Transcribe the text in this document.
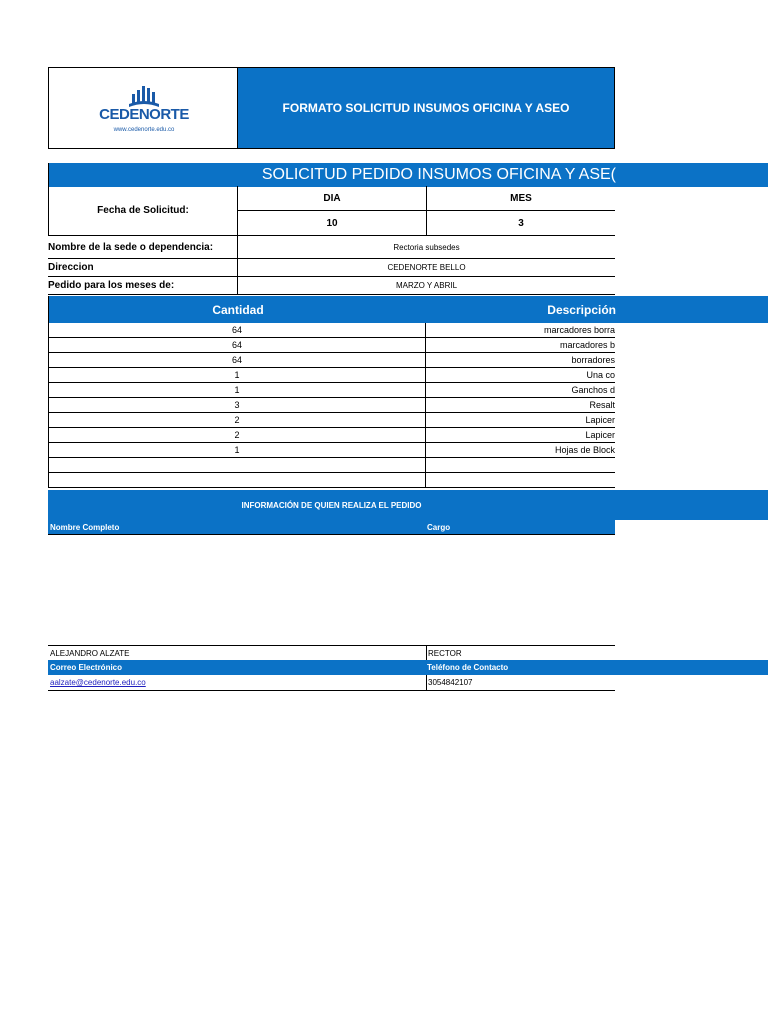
CEDENORTE
www.cedenorte.edu.co
FORMATO SOLICITUD INSUMOS OFICINA Y ASEO
SOLICITUD PEDIDO INSUMOS OFICINA Y ASE(
Fecha de Solicitud:
DIA	MES
10	3
Nombre de la sede o dependencia:	Rectoria subsedes
Direccion	CEDENORTE BELLO
Pedido para los meses de:	MARZO Y ABRIL
Cantidad	Descripción
64	marcadores borra
64	marcadores b
64	borradores
1	Una co
1	Ganchos d
3	Resalt
2	Lapicer
2	Lapicer
1	Hojas de Block
INFORMACIÓN DE QUIEN REALIZA EL PEDIDO
Nombre Completo	Cargo
ALEJANDRO ALZATE	RECTOR
Correo Electrónico	Teléfono de Contacto
aalzate@cedenorte.edu.co	3054842107
